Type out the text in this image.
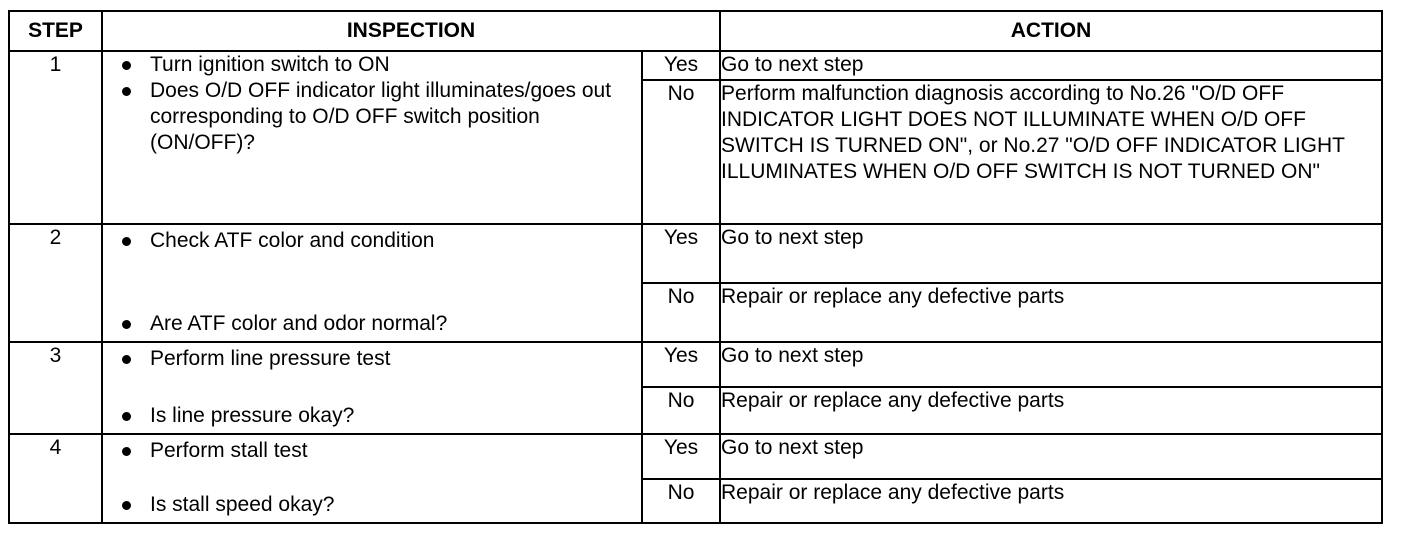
STEP	INSPECTION		ACTION
1	Turn ignition switch to ON
Does O/D OFF indicator light illuminates/goes out corresponding to O/D OFF switch position (ON/OFF)?	Yes	Go to next step
		No	Perform malfunction diagnosis according to No.26 "O/D OFF INDICATOR LIGHT DOES NOT ILLUMINATE WHEN O/D OFF SWITCH IS TURNED ON", or No.27 "O/D OFF INDICATOR LIGHT ILLUMINATES WHEN O/D OFF SWITCH IS NOT TURNED ON"
2	Check ATF color and condition
Are ATF color and odor normal?	Yes	Go to next step
		No	Repair or replace any defective parts
3	Perform line pressure test
Is line pressure okay?	Yes	Go to next step
		No	Repair or replace any defective parts
4	Perform stall test
Is stall speed okay?	Yes	Go to next step
		No	Repair or replace any defective parts
